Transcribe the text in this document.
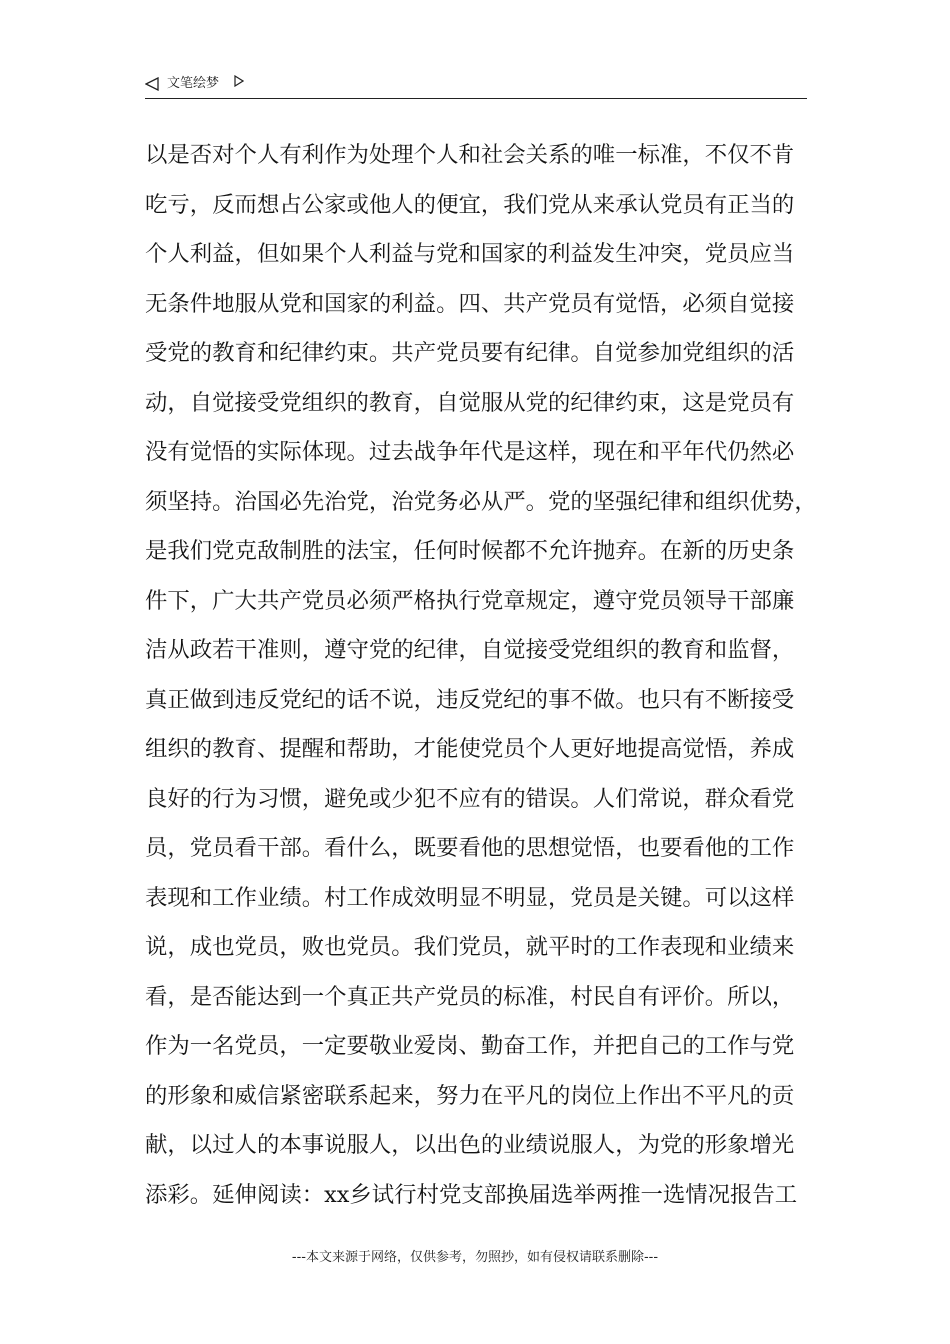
文笔绘梦
以是否对个人有利作为处理个人和社会关系的唯一标准，不仅不肯
吃亏，反而想占公家或他人的便宜，我们党从来承认党员有正当的
个人利益，但如果个人利益与党和国家的利益发生冲突，党员应当
无条件地服从党和国家的利益。四、共产党员有觉悟，必须自觉接
受党的教育和纪律约束。共产党员要有纪律。自觉参加党组织的活
动，自觉接受党组织的教育，自觉服从党的纪律约束，这是党员有
没有觉悟的实际体现。过去战争年代是这样，现在和平年代仍然必
须坚持。治国必先治党，治党务必从严。党的坚强纪律和组织优势，
是我们党克敌制胜的法宝，任何时候都不允许抛弃。在新的历史条
件下，广大共产党员必须严格执行党章规定，遵守党员领导干部廉
洁从政若干准则，遵守党的纪律，自觉接受党组织的教育和监督，
真正做到违反党纪的话不说，违反党纪的事不做。也只有不断接受
组织的教育、提醒和帮助，才能使党员个人更好地提高觉悟，养成
良好的行为习惯，避免或少犯不应有的错误。人们常说，群众看党
员，党员看干部。看什么，既要看他的思想觉悟，也要看他的工作
表现和工作业绩。村工作成效明显不明显，党员是关键。可以这样
说，成也党员，败也党员。我们党员，就平时的工作表现和业绩来
看，是否能达到一个真正共产党员的标准，村民自有评价。所以，
作为一名党员，一定要敬业爱岗、勤奋工作，并把自己的工作与党
的形象和威信紧密联系起来，努力在平凡的岗位上作出不平凡的贡
献，以过人的本事说服人，以出色的业绩说服人，为党的形象增光
添彩。延伸阅读：xx乡试行村党支部换届选举两推一选情况报告工
---本文来源于网络，仅供参考，勿照抄，如有侵权请联系删除---
